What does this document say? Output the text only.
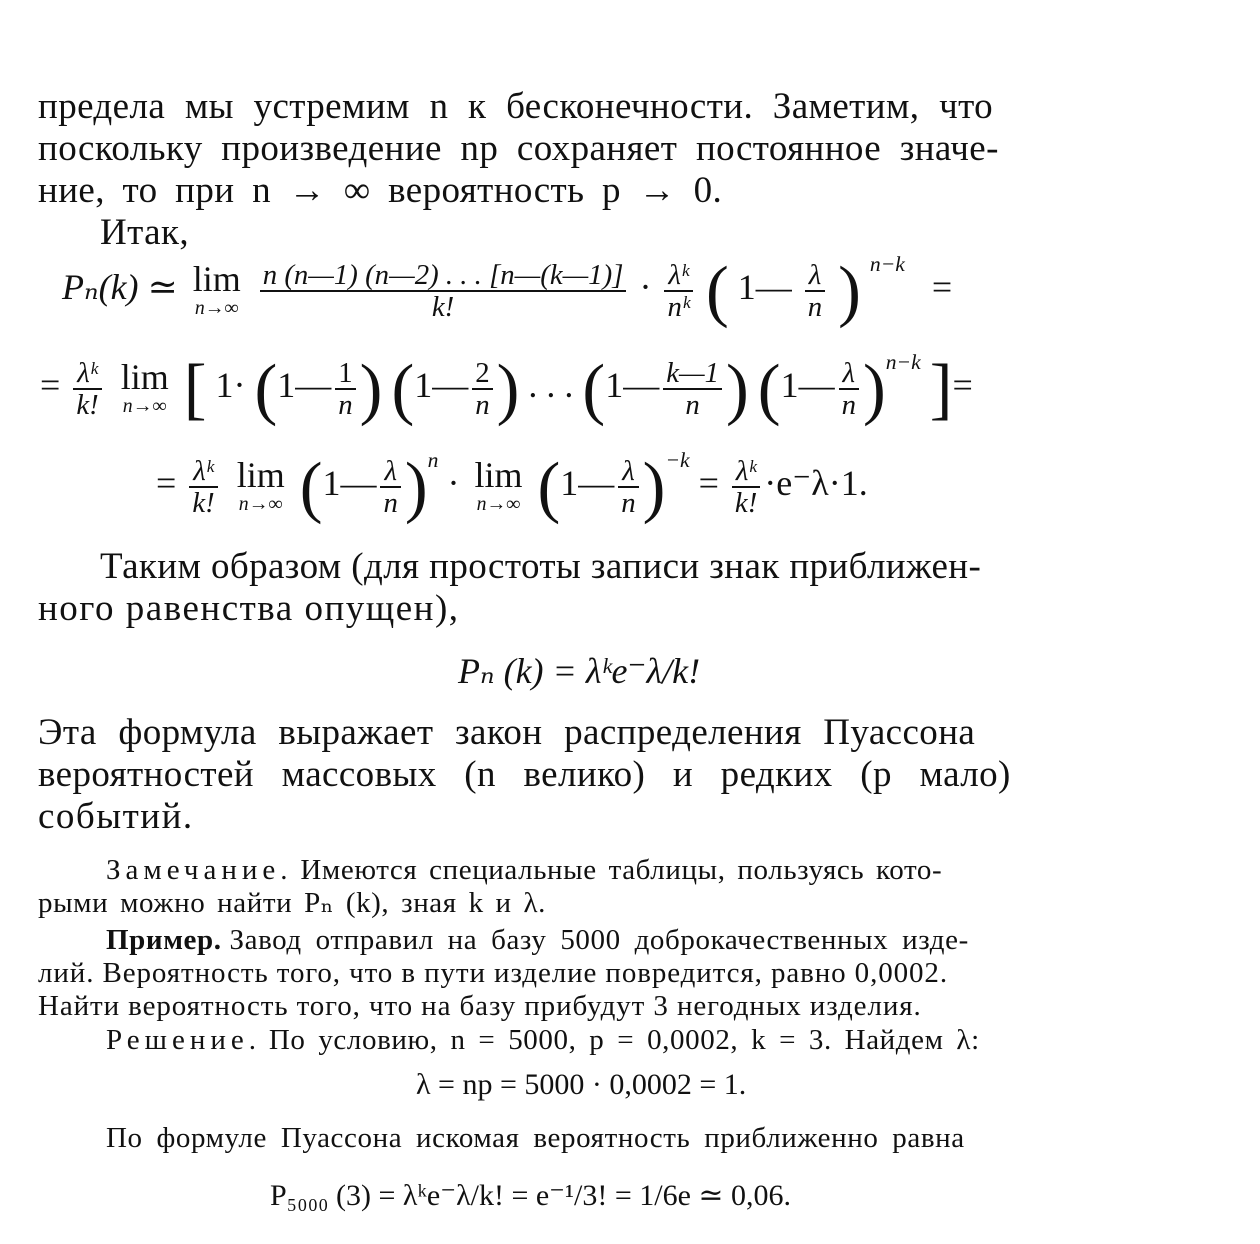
предела мы устремим n к бесконечности. Заметим, что
поскольку произведение np сохраняет постоянное значе-
ние, то при n → ∞ вероятность p → 0.
Итак,
Pₙ(k) ≃ lim
n→∞
$\frac{n (n—1) (n—2) . . . [n—(k—1)]}{k!} \cdot \frac{\text{λᵏ}}{\text{nᵏ}}$ ( 1— $\frac{\lambda}{n}$ ) $^{n-k}$ =
= $\frac{\text{λᵏ}}{k!}$
lim
n→∞ [ 1· (1— $\frac{1}{n}$ ) (1— $\frac{2}{n}$ ) . . . (1— $\frac{k—1}{n}$ ) (1— $\frac{\lambda}{n} )^{n-k}$ ]=
= $\frac{\text{λᵏ}}{k!}$
lim
n→∞ (1— $\frac{\lambda}{n} )^n \cdot \lim$
n→∞ (1— $\frac{\lambda}{n} )^{-k} = \frac{\text{λᵏ}}{k!} \cdot e^-\lambda\cdot 1$.
Таким образом (для простоты записи знак приближен-
ного равенства опущен),
Pₙ (k) = λᵏe⁻λ/k!
Эта формула выражает закон распределения Пуассона
вероятностей массовых (n велико) и редких (p мало)
событий.
Замечание. Имеются специальные таблицы, пользуясь кото-
рыми можно найти Pₙ (k), зная k и λ.
Пример. Завод отправил на базу 5000 доброкачественных изде-
лий. Вероятность того, что в пути изделие повредится, равно 0,0002.
Найти вероятность того, что на базу прибудут 3 негодных изделия.
Решение. По условию, n = 5000, p = 0,0002, k = 3. Найдем λ:
λ = np = 5000 · 0,0002 = 1.
По формуле Пуассона искомая вероятность приближенно равна
P₅₀₀₀ (3) = λᵏe⁻λ/k! = e⁻¹/3! = 1/6e ≃ 0,06.
